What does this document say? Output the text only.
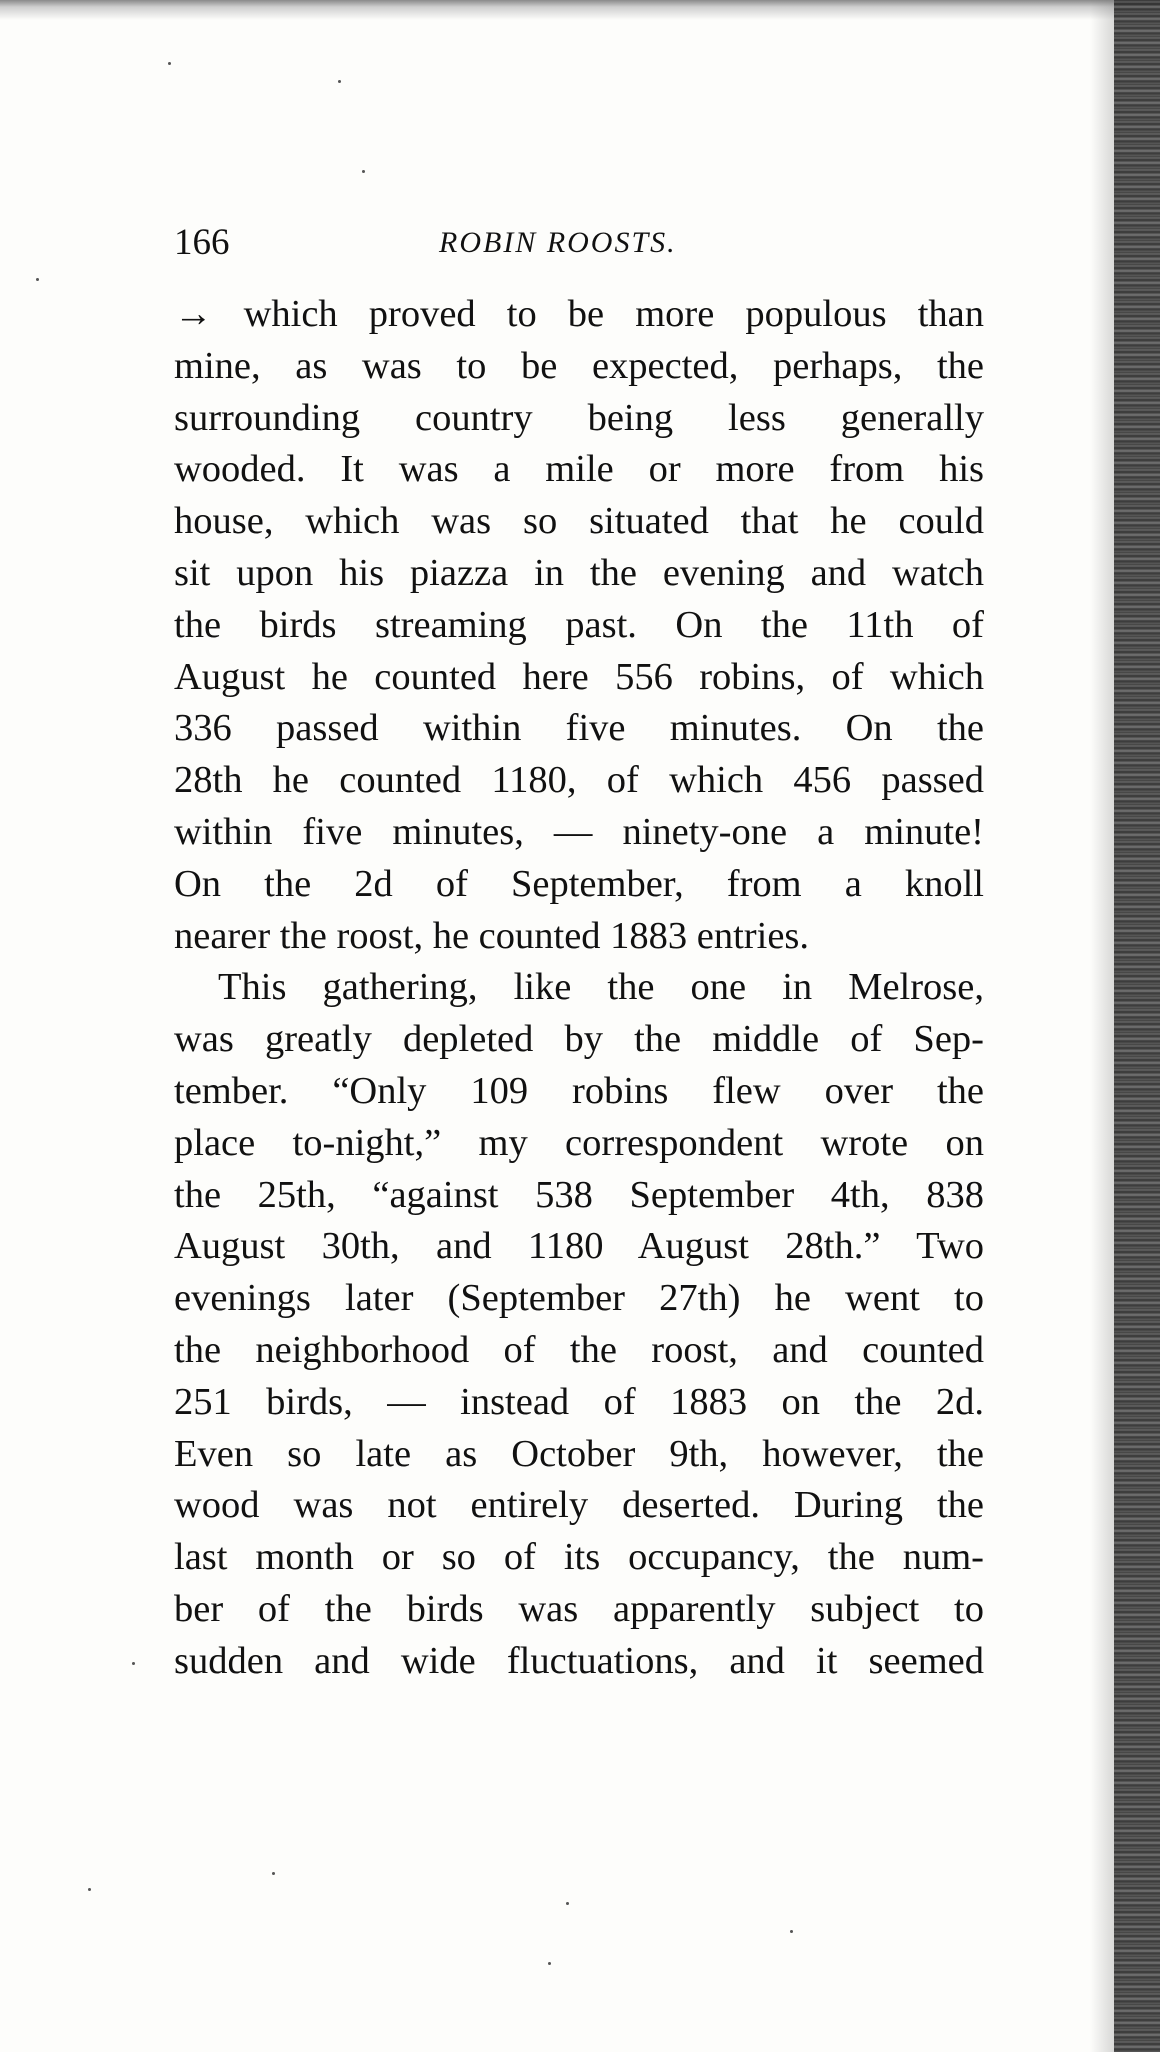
166	ROBIN ROOSTS.
→ which proved to be more populous than
mine, as was to be expected, perhaps, the
surrounding country being less generally
wooded. It was a mile or more from his
house, which was so situated that he could
sit upon his piazza in the evening and watch
the birds streaming past. On the 11th of
August he counted here 556 robins, of which
336 passed within five minutes. On the
28th he counted 1180, of which 456 passed
within five minutes, — ninety-one a minute!
On the 2d of September, from a knoll
nearer the roost, he counted 1883 entries.
This gathering, like the one in Melrose,
was greatly depleted by the middle of Sep-
tember. “Only 109 robins flew over the
place to-night,” my correspondent wrote on
the 25th, “against 538 September 4th, 838
August 30th, and 1180 August 28th.” Two
evenings later (September 27th) he went to
the neighborhood of the roost, and counted
251 birds, — instead of 1883 on the 2d.
Even so late as October 9th, however, the
wood was not entirely deserted. During the
last month or so of its occupancy, the num-
ber of the birds was apparently subject to
sudden and wide fluctuations, and it seemed
